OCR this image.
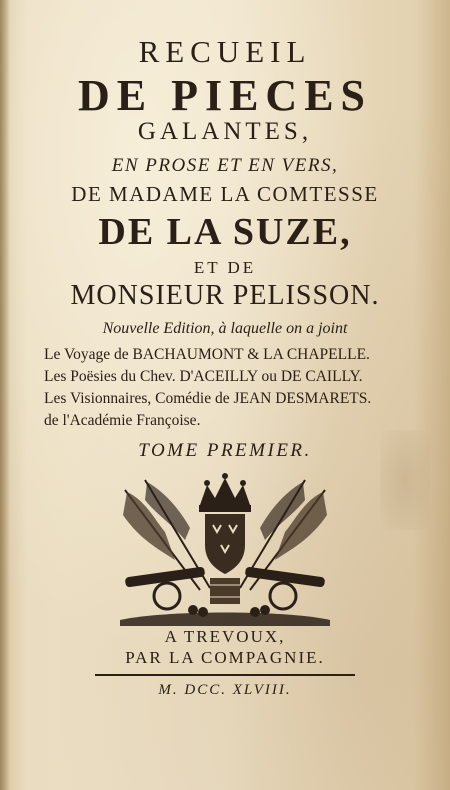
RECUEIL
DE PIECES
GALANTES,
EN PROSE ET EN VERS,
DE MADAME LA COMTESSE
DE LA SUZE,
ET DE
MONSIEUR PELISSON.
Nouvelle Edition, à laquelle on a joint
Le Voyage de BACHAUMONT & LA CHAPELLE.
Les Poësies du Chev. D'ACEILLY ou DE CAILLY.
Les Visionnaires, Comédie de JEAN DESMARETS.
de l'Académie Françoise.
TOME PREMIER.
A TREVOUX,
PAR LA COMPAGNIE.
M. DCC. XLVIII.
